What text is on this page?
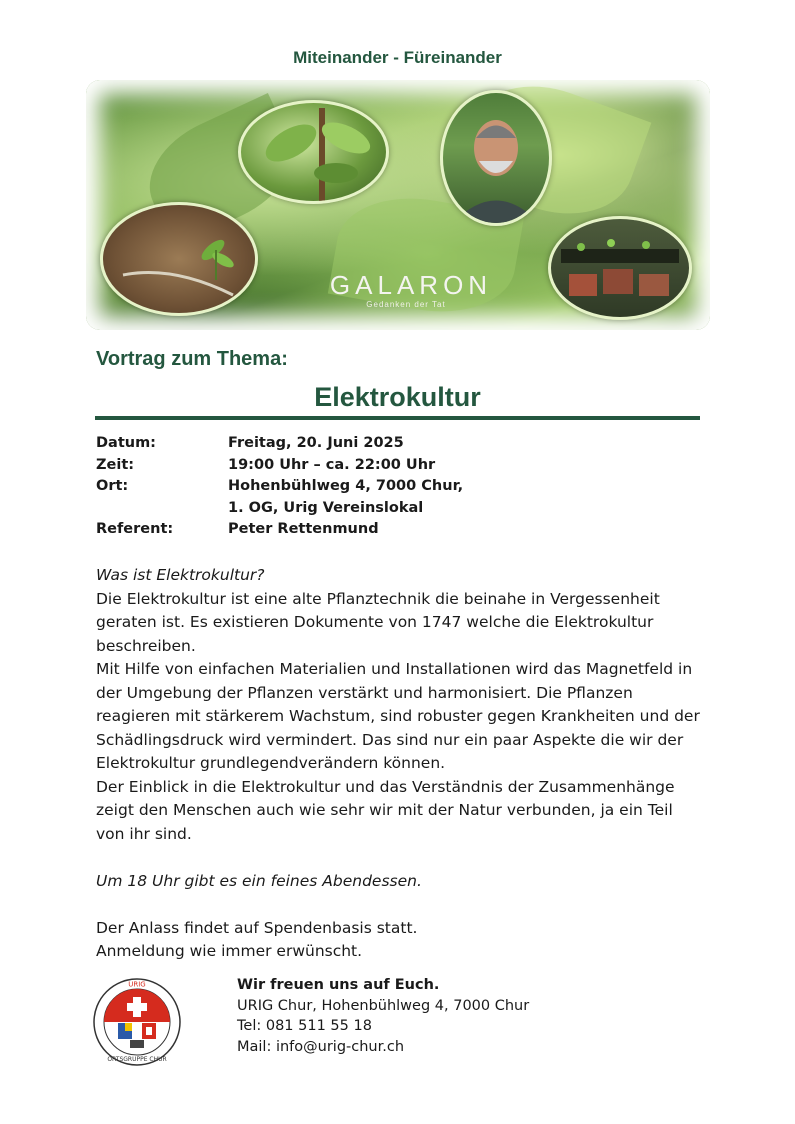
Miteinander - Füreinander
GALARON
Gedanken der Tat
Vortrag zum Thema:
Elektrokultur
Datum:	Freitag, 20. Juni 2025
Zeit:	19:00 Uhr – ca. 22:00 Uhr
Ort:	Hohenbühlweg 4, 7000 Chur,
	1. OG, Urig Vereinslokal
Referent:	Peter Rettenmund

Was ist Elektrokultur?

Die Elektrokultur ist eine alte Pflanztechnik die beinahe in Vergessenheit geraten ist. Es existieren Dokumente von 1747 welche die Elektrokultur beschreiben.

Mit Hilfe von einfachen Materialien und Installationen wird das Magnetfeld in der Umgebung der Pflanzen verstärkt und harmonisiert. Die Pflanzen reagieren mit stärkerem Wachstum, sind robuster gegen Krankheiten und der Schädlingsdruck wird vermindert. Das sind nur ein paar Aspekte die wir der Elektrokultur grundlegendverändern können.

Der Einblick in die Elektrokultur und das Verständnis der Zusammenhänge zeigt den Menschen auch wie sehr wir mit der Natur verbunden, ja ein Teil von ihr sind.

Um 18 Uhr gibt es ein feines Abendessen.

Der Anlass findet auf Spendenbasis statt.

Anmeldung wie immer erwünscht.

URIG
ORTSGRUPPE CHUR
Wir freuen uns auf Euch.
URIG Chur, Hohenbühlweg 4, 7000 Chur
Tel: 081 511 55 18
Mail: info@urig-chur.ch
